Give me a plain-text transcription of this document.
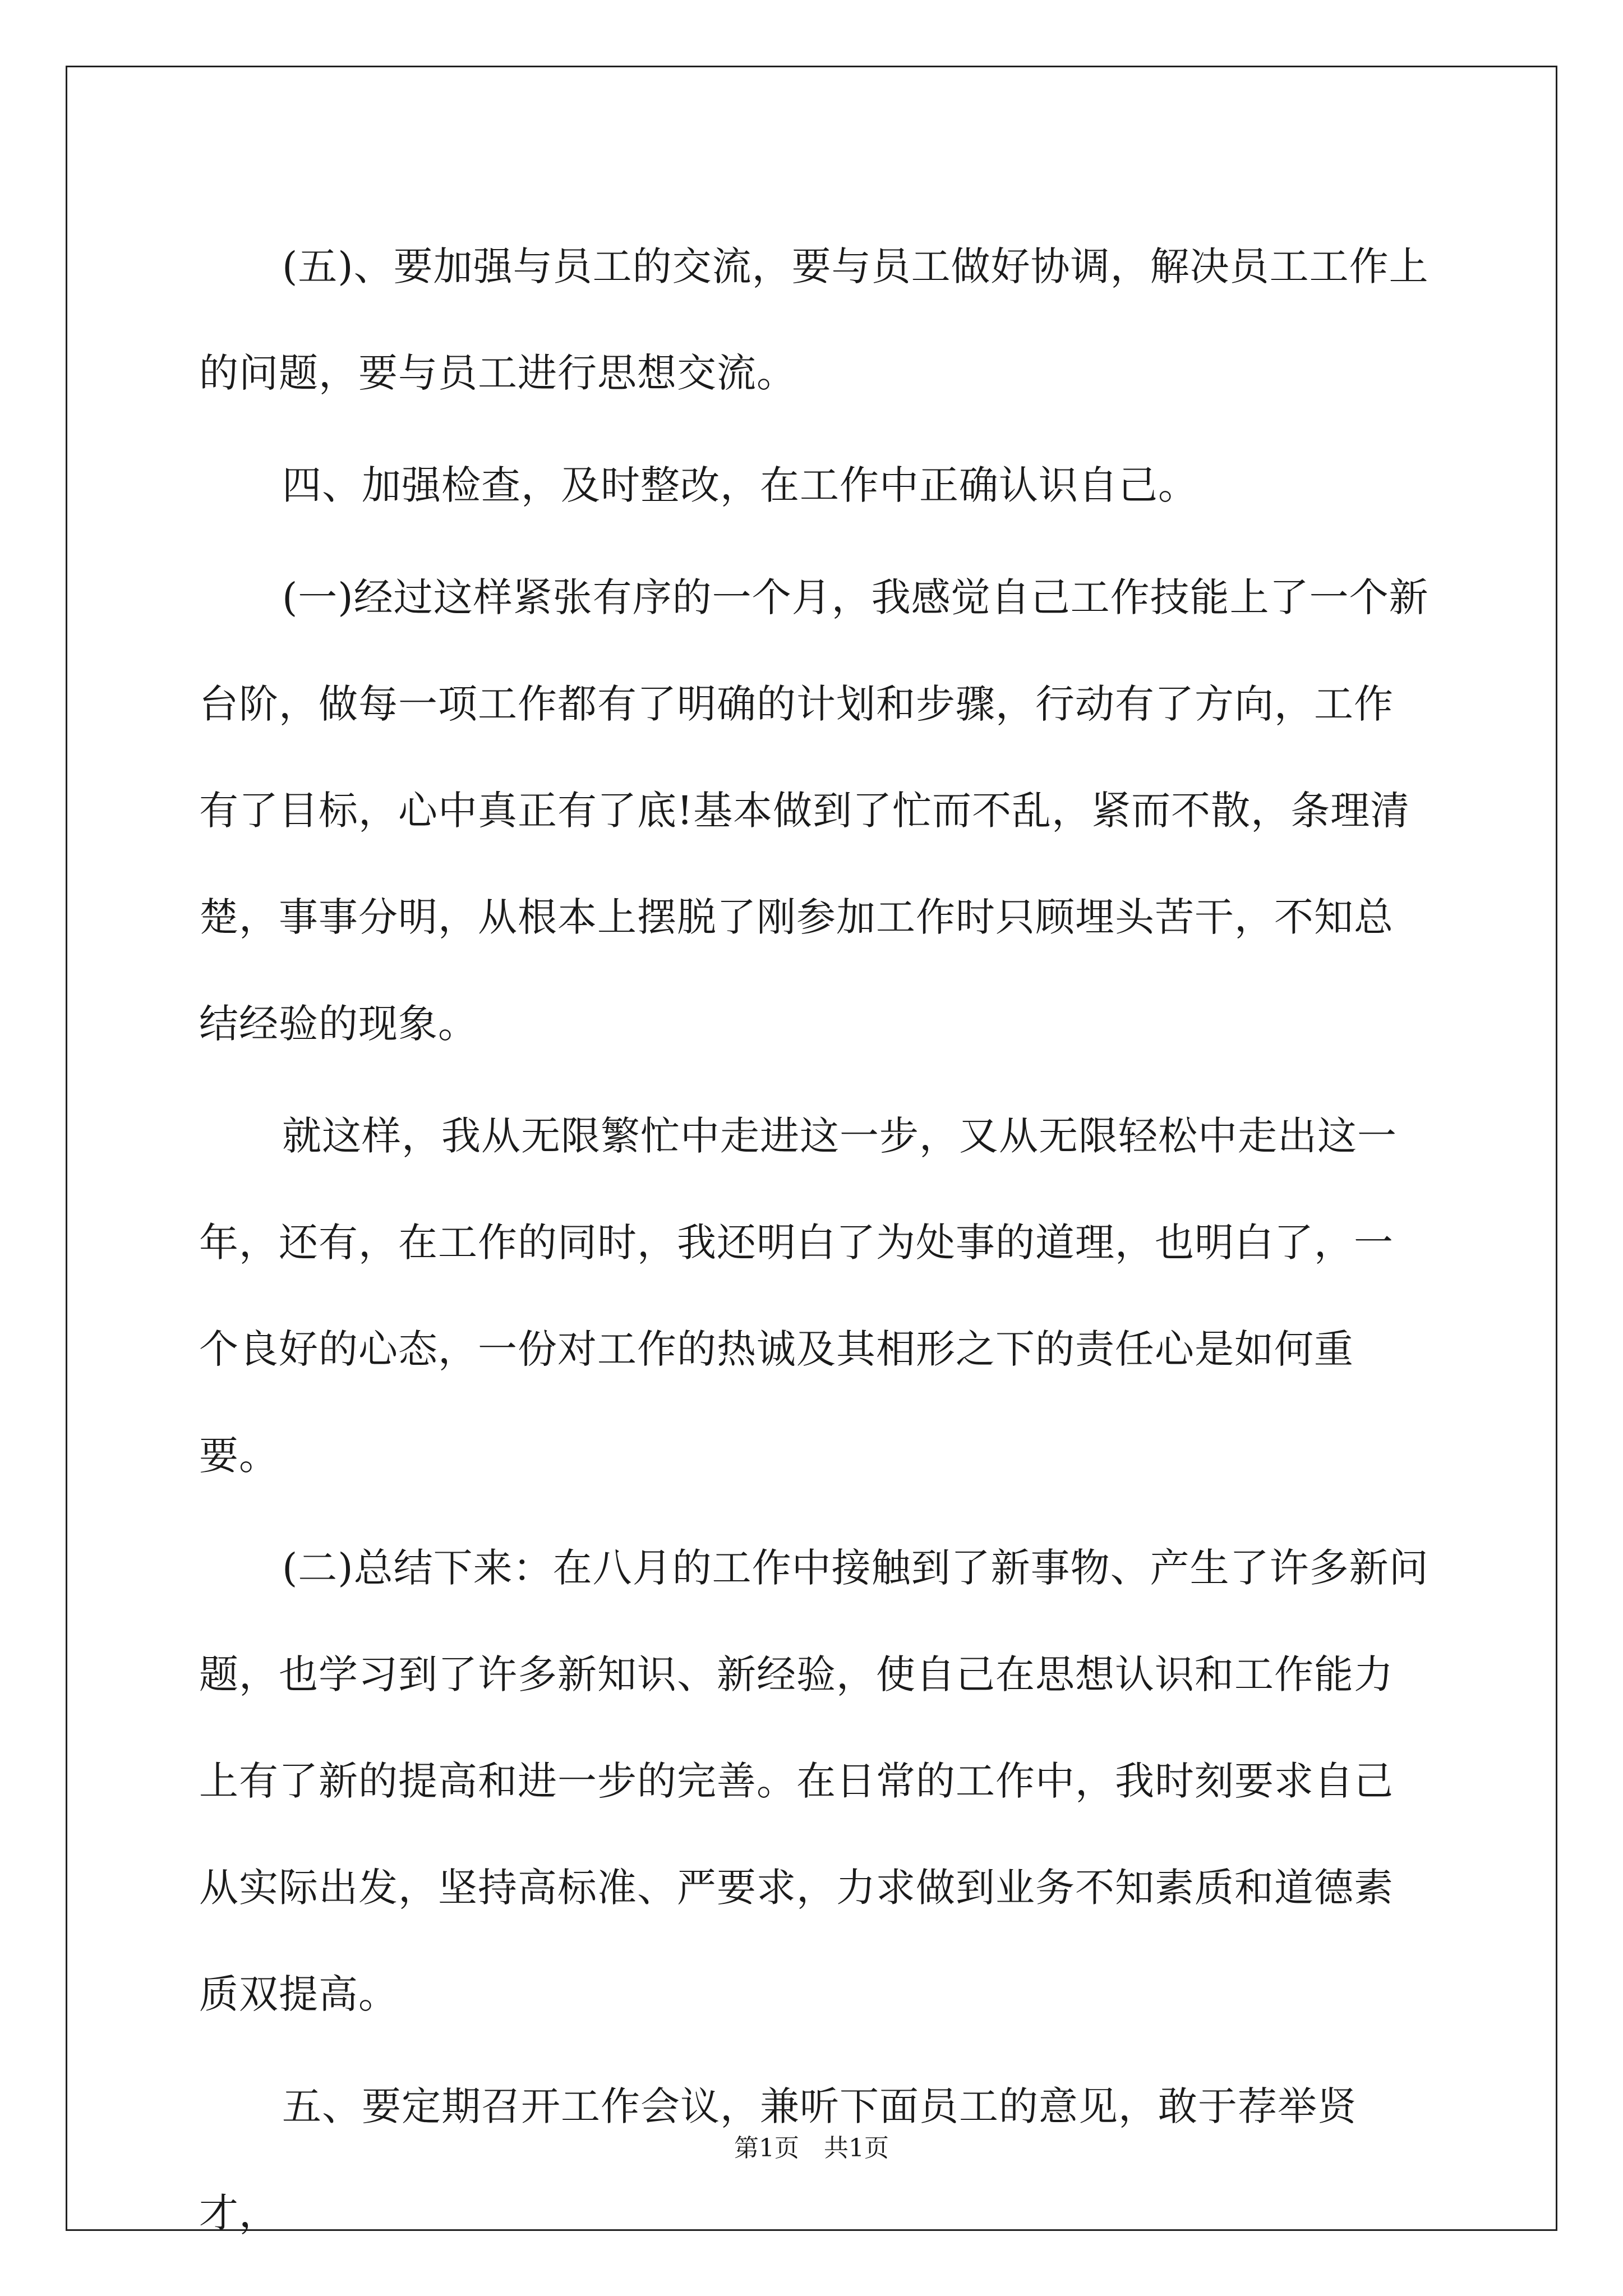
(五)、要加强与员工的交流，要与员工做好协调，解决员工工作上的问题，要与员工进行思想交流。

四、加强检查，及时整改，在工作中正确认识自己。

(一)经过这样紧张有序的一个月，我感觉自己工作技能上了一个新台阶，做每一项工作都有了明确的计划和步骤，行动有了方向，工作有了目标，心中真正有了底!基本做到了忙而不乱，紧而不散，条理清楚，事事分明，从根本上摆脱了刚参加工作时只顾埋头苦干，不知总结经验的现象。

就这样，我从无限繁忙中走进这一步，又从无限轻松中走出这一年，还有，在工作的同时，我还明白了为处事的道理，也明白了，一个良好的心态，一份对工作的热诚及其相形之下的责任心是如何重要。

(二)总结下来：在八月的工作中接触到了新事物、产生了许多新问题，也学习到了许多新知识、新经验，使自己在思想认识和工作能力上有了新的提高和进一步的完善。在日常的工作中，我时刻要求自己从实际出发，坚持高标准、严要求，力求做到业务不知素质和道德素质双提高。

五、要定期召开工作会议，兼听下面员工的意见，敢于荐举贤才，

第1页　共1页
